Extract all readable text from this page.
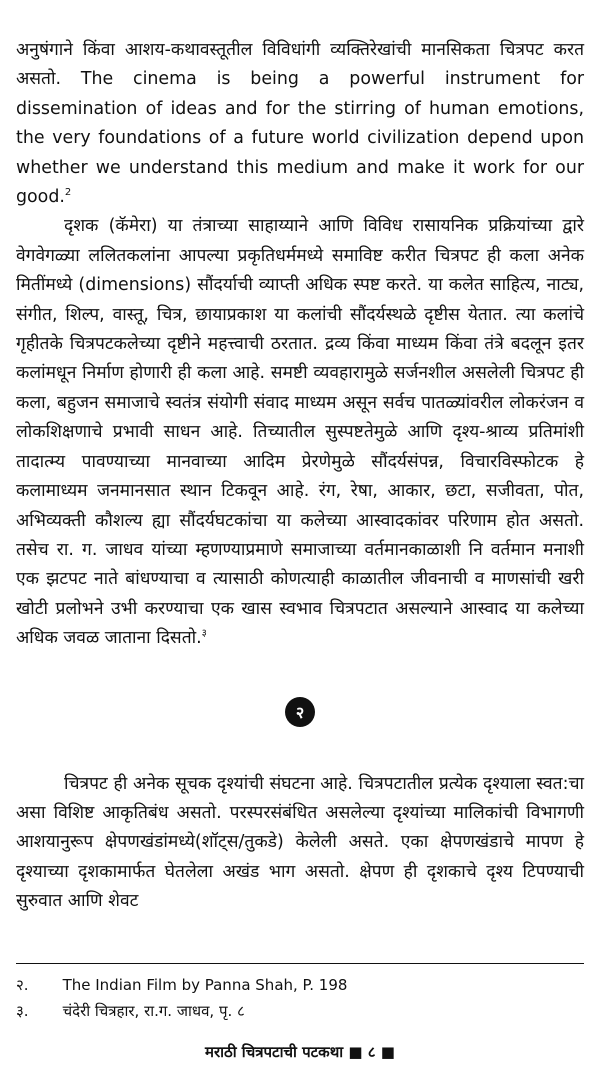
अनुषंगाने किंवा आशय-कथावस्तूतील विविधांगी व्यक्तिरेखांची मानसिकता चित्रपट करत असतो. The cinema is being a powerful instrument for dissemination of ideas and for the stirring of human emotions, the very foundations of a future world civilization depend upon whether we understand this medium and make it work for our good.$^2$

दृशक (कॅमेरा) या तंत्राच्या साहाय्याने आणि विविध रासायनिक प्रक्रियांच्या द्वारे वेगवेगळ्या ललितकलांना आपल्या प्रकृतिधर्ममध्ये समाविष्ट करीत चित्रपट ही कला अनेक मितींमध्ये (dimensions) सौंदर्याची व्याप्ती अधिक स्पष्ट करते. या कलेत साहित्य, नाट्य, संगीत, शिल्प, वास्तू, चित्र, छायाप्रकाश या कलांची सौंदर्यस्थळे दृष्टीस येतात. त्या कलांचे गृहीतके चित्रपटकलेच्या दृष्टीने महत्त्वाची ठरतात. द्रव्य किंवा माध्यम किंवा तंत्रे बदलून इतर कलांमधून निर्माण होणारी ही कला आहे. समष्टी व्यवहारामुळे सर्जनशील असलेली चित्रपट ही कला, बहुजन समाजाचे स्वतंत्र संयोगी संवाद माध्यम असून सर्वच पातळ्यांवरील लोकरंजन व लोकशिक्षणाचे प्रभावी साधन आहे. तिच्यातील सुस्पष्टतेमुळे आणि दृश्य-श्राव्य प्रतिमांशी तादात्म्य पावण्याच्या मानवाच्या आदिम प्रेरणेमुळे सौंदर्यसंपन्न, विचारविस्फोटक हे कलामाध्यम जनमानसात स्थान टिकवून आहे. रंग, रेषा, आकार, छटा, सजीवता, पोत, अभिव्यक्ती कौशल्य ह्या सौंदर्यघटकांचा या कलेच्या आस्वादकांवर परिणाम होत असतो. तसेच रा. ग. जाधव यांच्या म्हणण्याप्रमाणे समाजाच्या वर्तमानकाळाशी नि वर्तमान मनाशी एक झटपट नाते बांधण्याचा व त्यासाठी कोणत्याही काळातील जीवनाची व माणसांची खरी खोटी प्रलोभने उभी करण्याचा एक खास स्वभाव चित्रपटात असल्याने आस्वाद या कलेच्या अधिक जवळ जाताना दिसतो.$^३$

२

चित्रपट ही अनेक सूचक दृश्यांची संघटना आहे. चित्रपटातील प्रत्येक दृश्याला स्वत:चा असा विशिष्ट आकृतिबंध असतो. परस्परसंबंधित असलेल्या दृश्यांच्या मालिकांची विभागणी आशयानुरूप क्षेपणखंडांमध्ये(शॉट्स/तुकडे) केलेली असते. एका क्षेपणखंडाचे मापण हे दृश्याच्या दृशकामार्फत घेतलेला अखंड भाग असतो. क्षेपण ही दृशकाचे दृश्य टिपण्याची सुरुवात आणि शेवट

२. The Indian Film by Panna Shah, P. 198
३. चंदेरी चित्रहार, रा.ग. जाधव, पृ. ८
मराठी चित्रपटाची पटकथा ■ ८ ■
